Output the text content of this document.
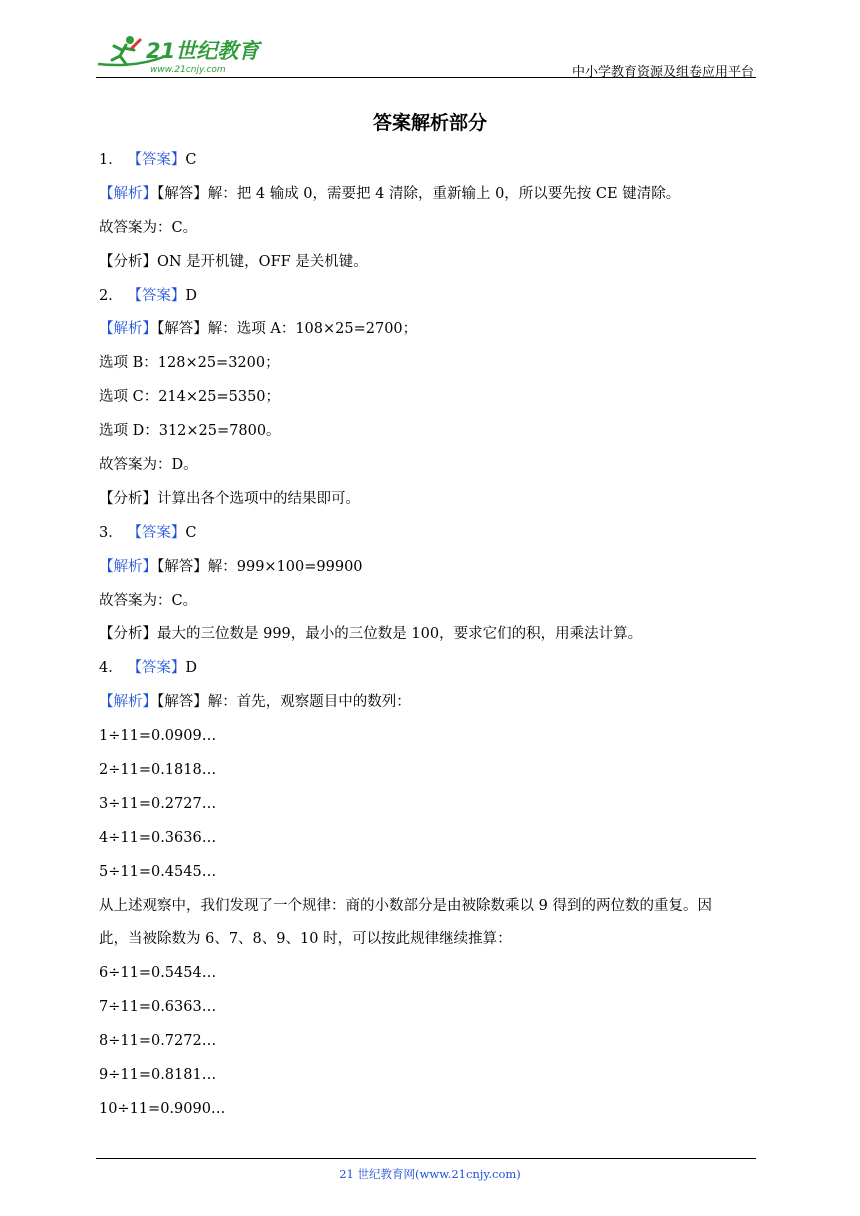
21世纪教育
www.21cnjy.com	中小学教育资源及组卷应用平台
答案解析部分
1． 【答案】C
【解析】【解答】解：把 4 输成 0，需要把 4 清除，重新输上 0，所以要先按 CE 键清除。
故答案为：C。
【分析】ON 是开机键，OFF 是关机键。
2． 【答案】D
【解析】【解答】解：选项 A：108×25=2700；
选项 B：128×25=3200；
选项 C：214×25=5350；
选项 D：312×25=7800。
故答案为：D。
【分析】计算出各个选项中的结果即可。
3． 【答案】C
【解析】【解答】解：999×100=99900
故答案为：C。
【分析】最大的三位数是 999，最小的三位数是 100，要求它们的积，用乘法计算。
4． 【答案】D
【解析】【解答】解：首先，观察题目中的数列：
1÷11=0.0909…
2÷11=0.1818…
3÷11=0.2727…
4÷11=0.3636…
5÷11=0.4545…
从上述观察中，我们发现了一个规律：商的小数部分是由被除数乘以 9 得到的两位数的重复。因
此，当被除数为 6、7、8、9、10 时，可以按此规律继续推算：
6÷11=0.5454…
7÷11=0.6363…
8÷11=0.7272…
9÷11=0.8181…
10÷11=0.9090…
21 世纪教育网(www.21cnjy.com)
